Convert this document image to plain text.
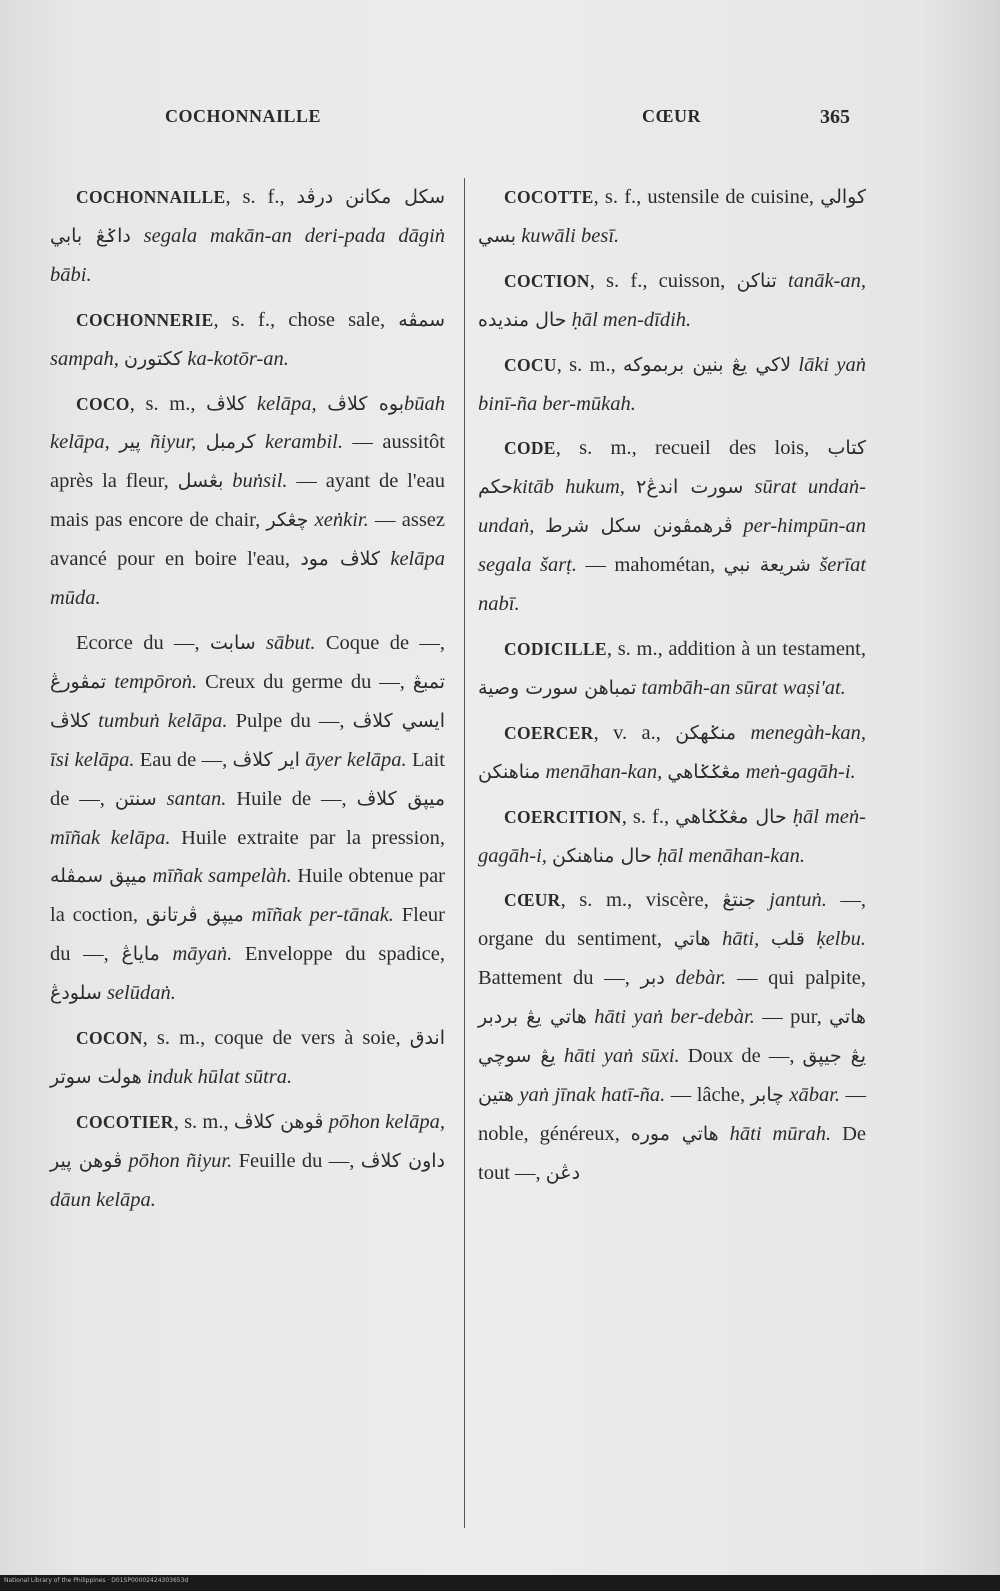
COCHONNAILLE	CŒUR	365

COCHONNAILLE, s. f.,	سكل مكانن درڤد داݢڠ بابي segala makān-an deri-pada dāgiṅ bābi.

COCHONNERIE, s. f., chose sale, سمڤه sampah, ككتورن ka-kotōr-an.

COCO, s. m., كلاڤ kelāpa, بوه كلاڤbūah kelāpa, پير ñiyur, كرمبل kerambil. — aussitôt après la fleur, بڠسل buṅsil. — ayant de l'eau mais pas encore de chair, چڠكر xeṅkir. — assez avancé pour en boire l'eau, كلاڤ مود kelāpa mūda.

Ecorce du —, سابت sābut. Coque de —, تمڤورڠ tempōroṅ. Creux du germe du —, تمبڠ كلاڤ tumbuṅ kelāpa. Pulpe du —, ايسي كلاڤ īsi kelāpa. Eau de —, اير كلاڤ āyer kelāpa. Lait de —, سنتن santan. Huile de —, ميڽق كلاڤ mīñak kelāpa. Huile extraite par la pression, ميڽق سمڤله mīñak sampelàh. Huile obtenue par la coction, ميڽق ڤرتانق mīñak per-tānak. Fleur du —, ماياڠ māyaṅ. Enveloppe du spadice, سلودڠ selūdaṅ.

COCON, s. m., coque de vers à soie, اندق هولت سوتر induk hūlat sūtra.

COCOTIER, s. m., ڤوهن كلاڤ pōhon kelāpa, ڤوهن پير pōhon ñiyur. Feuille du —, داون كلاڤ dāun kelāpa.

COCOTTE, s. f., ustensile de cuisine, كوالي بسي kuwāli besī.

COCTION, s. f., cuisson, تناكن tanāk-an, حال منديده ḥāl men-dīdih.

COCU, s. m., لاكي يڠ بنين بربموكه lāki yaṅ binī-ña ber-mūkah.

CODE, s. m., recueil des lois, كتاب حكمkitāb hukum, سورت اندڠ٢ sūrat undaṅ-undaṅ, ڤرهمڤونن سكل شرط per-himpūn-an segala šarṭ. — mahométan, شريعة نبي šerīat nabī.

CODICILLE, s. m., addition à un testament, تمباهن سورت وصية tambāh-an sūrat waṣi'at.

COERCER, v. a., منݢهكن menegàh-kan, مناهنكن menāhan-kan, مڠݢݢاهي meṅ-gagāh-i.

COERCITION, s. f., حال مڠݢݢاهي ḥāl meṅ-gagāh-i, حال مناهنكن ḥāl menāhan-kan.

CŒUR, s. m., viscère, جنتڠ jantuṅ. —, organe du sentiment, هاتي hāti, قلب ḳelbu. Battement du —, دبر debàr. — qui palpite, هاتي يڠ بردبر hāti yaṅ ber-debàr. — pur, هاتي يڠ سوچي hāti yaṅ sūxi. Doux de —, يڠ جيڽق هتين yaṅ jīnak hatī-ña. — lâche, چابر xābar. — noble, généreux, هاتي موره hāti mūrah. De tout —, دڠن

National Library of the Philippines · D01SP00002424303653d
